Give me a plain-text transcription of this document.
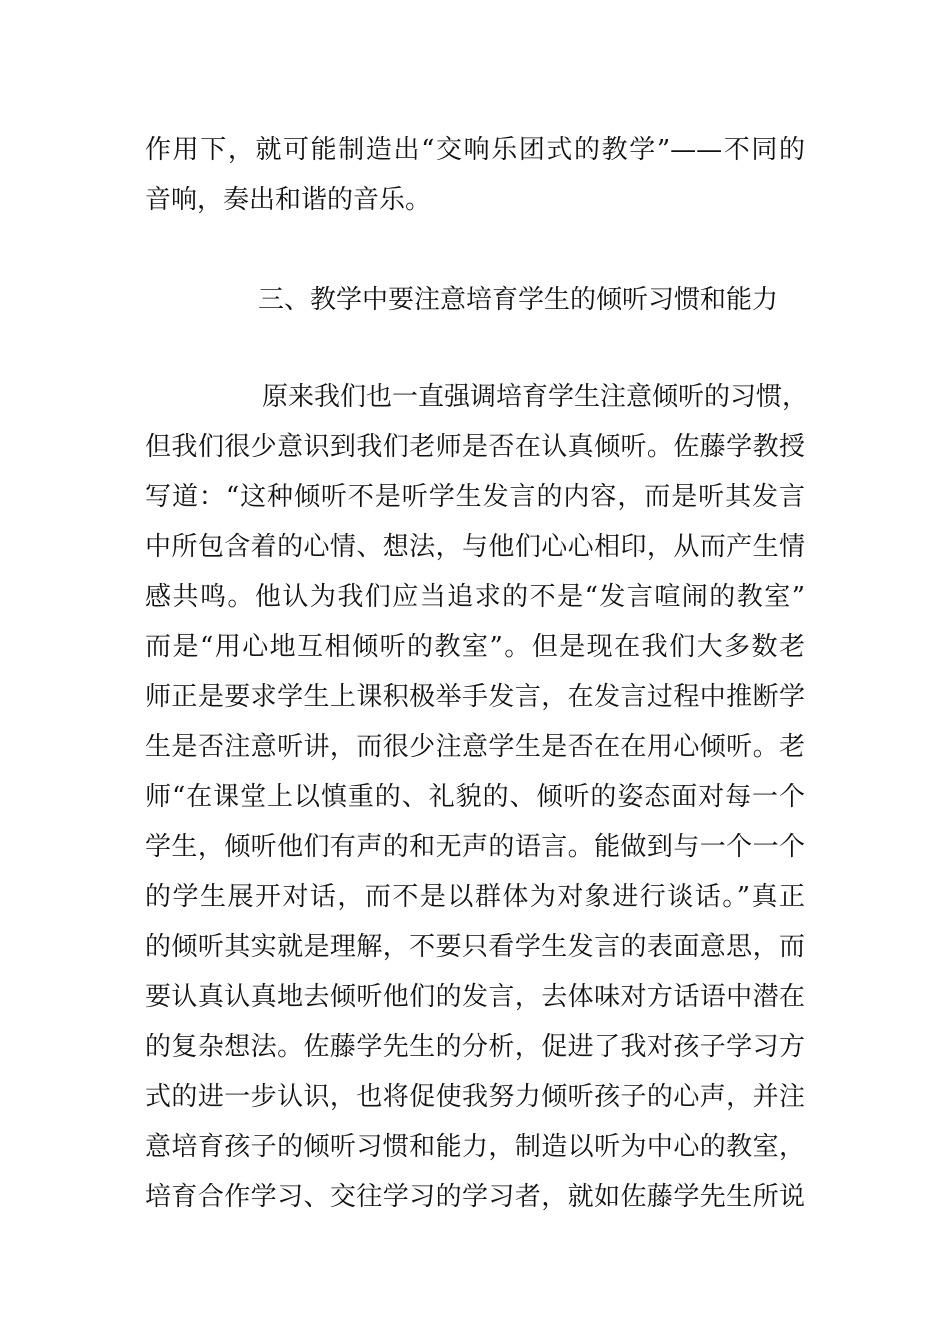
作用下，就可能制造出“交响乐团式的教学”——不同的
音响，奏出和谐的音乐。
三、教学中要注意培育学生的倾听习惯和能力
原来我们也一直强调培育学生注意倾听的习惯，
但我们很少意识到我们老师是否在认真倾听。佐藤学教授
写道：“这种倾听不是听学生发言的内容，而是听其发言
中所包含着的心情、想法，与他们心心相印，从而产生情
感共鸣。他认为我们应当追求的不是“发言喧闹的教室”
而是“用心地互相倾听的教室”。但是现在我们大多数老
师正是要求学生上课积极举手发言，在发言过程中推断学
生是否注意听讲，而很少注意学生是否在在用心倾听。老
师“在课堂上以慎重的、礼貌的、倾听的姿态面对每一个
学生，倾听他们有声的和无声的语言。能做到与一个一个
的学生展开对话，而不是以群体为对象进行谈话。”真正
的倾听其实就是理解，不要只看学生发言的表面意思，而
要认真认真地去倾听他们的发言，去体味对方话语中潜在
的复杂想法。佐藤学先生的分析，促进了我对孩子学习方
式的进一步认识，也将促使我努力倾听孩子的心声，并注
意培育孩子的倾听习惯和能力，制造以听为中心的教室，
培育合作学习、交往学习的学习者，就如佐藤学先生所说
